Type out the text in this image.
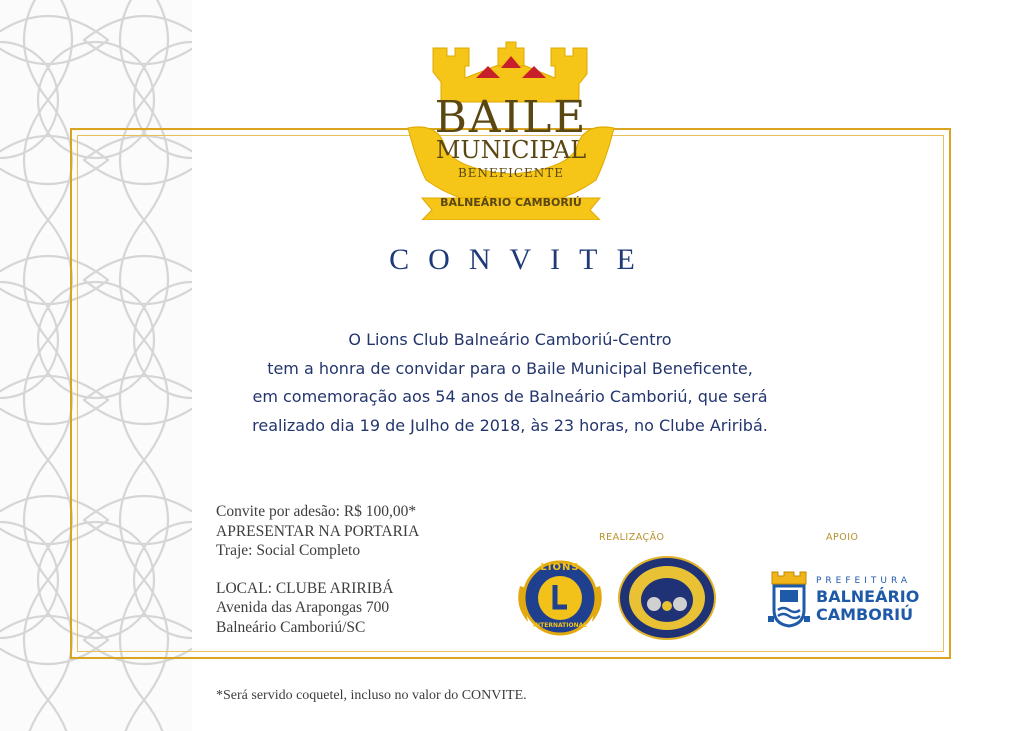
BAILE
MUNICIPAL
BENEFICENTE
BALNEÁRIO CAMBORIÚ
CONVITE
O Lions Club Balneário Camboriú-Centro
tem a honra de convidar para o Baile Municipal Beneficente,
em comemoração aos 54 anos de Balneário Camboriú, que será
realizado dia 19 de Julho de 2018, às 23 horas, no Clube Ariribá.
Convite por adesão: R$ 100,00*
APRESENTAR NA PORTARIA
Traje: Social Completo
LOCAL: CLUBE ARIRIBÁ
Avenida das Arapongas 700
Balneário Camboriú/SC
REALIZAÇÃO	APOIO
LIONS
INTERNATIONAL
PREFEITURA
BALNEÁRIO
CAMBORIÚ
*Será servido coquetel, incluso no valor do CONVITE.
